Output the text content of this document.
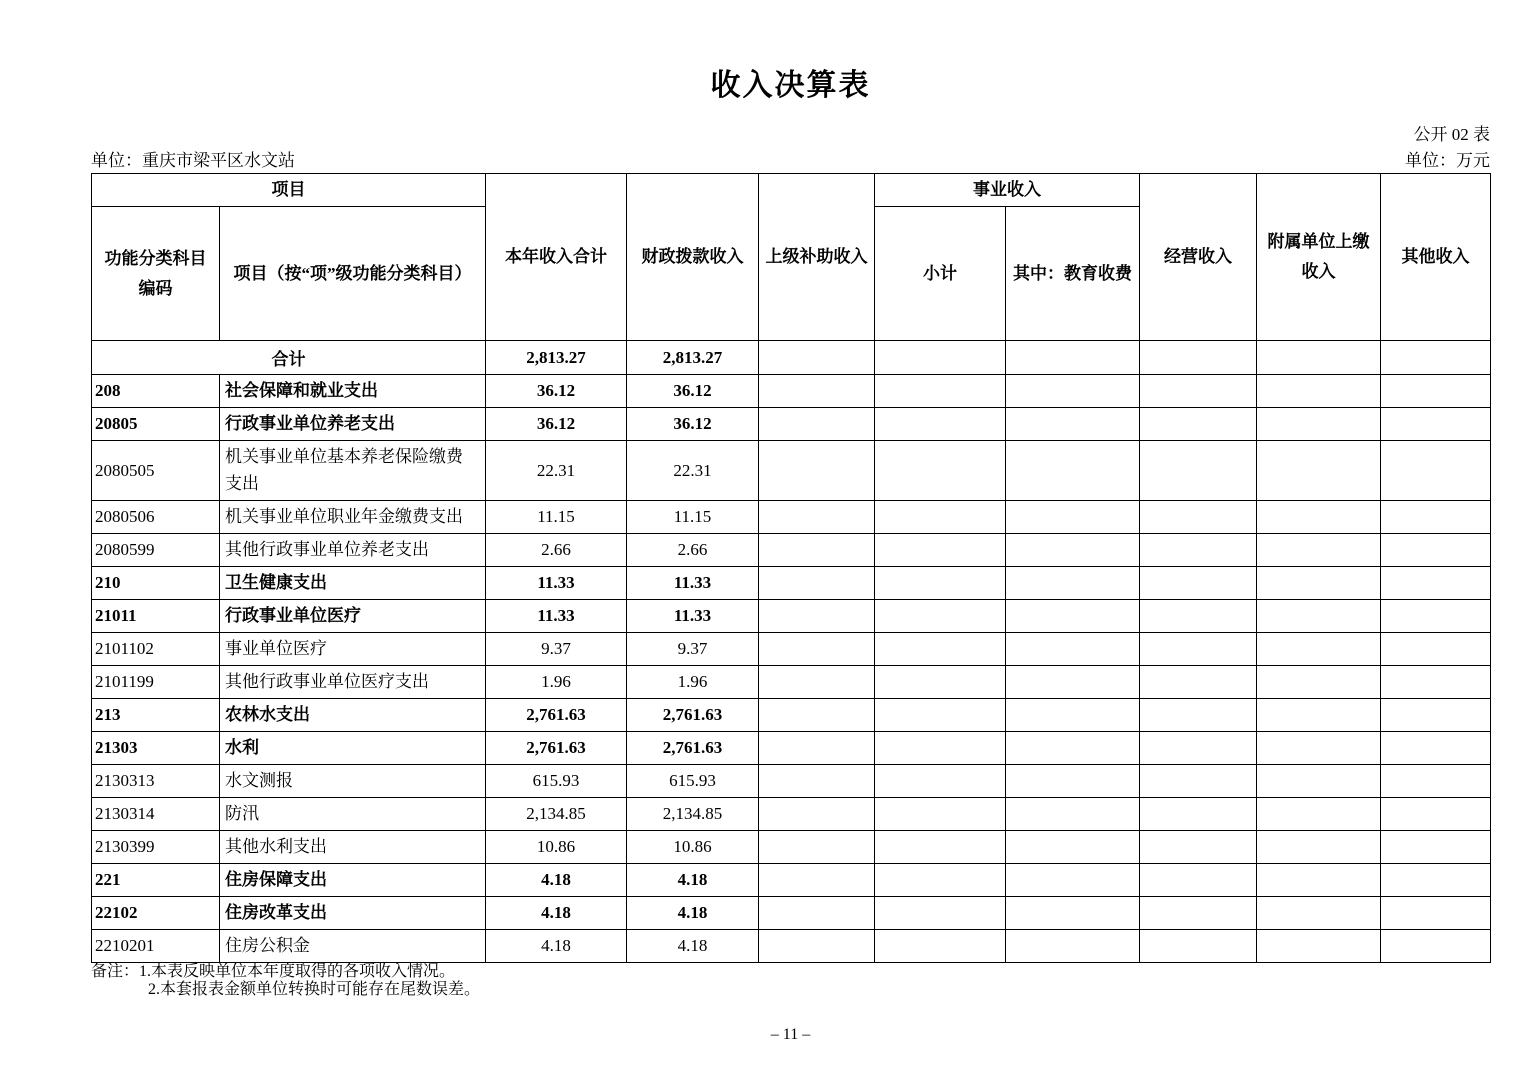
收入决算表
公开 02 表
单位：重庆市梁平区水文站	单位：万元
项目		本年收入合计	财政拨款收入	上级补助收入	事业收入		经营收入	附属单位上缴收入	其他收入
功能分类科目编码	项目（按“项”级功能分类科目）				小计	其中：教育收费			
合计		2,813.27	2,813.27						
208	社会保障和就业支出	36.12	36.12						
20805	行政事业单位养老支出	36.12	36.12						
2080505	机关事业单位基本养老保险缴费支出	22.31	22.31						
2080506	机关事业单位职业年金缴费支出	11.15	11.15						
2080599	其他行政事业单位养老支出	2.66	2.66						
210	卫生健康支出	11.33	11.33						
21011	行政事业单位医疗	11.33	11.33						
2101102	事业单位医疗	9.37	9.37						
2101199	其他行政事业单位医疗支出	1.96	1.96						
213	农林水支出	2,761.63	2,761.63						
21303	水利	2,761.63	2,761.63						
2130313	水文测报	615.93	615.93						
2130314	防汛	2,134.85	2,134.85						
2130399	其他水利支出	10.86	10.86						
221	住房保障支出	4.18	4.18						
22102	住房改革支出	4.18	4.18						
2210201	住房公积金	4.18	4.18						
备注：1.本表反映单位本年度取得的各项收入情况。
2.本套报表金额单位转换时可能存在尾数误差。
– 11 –
